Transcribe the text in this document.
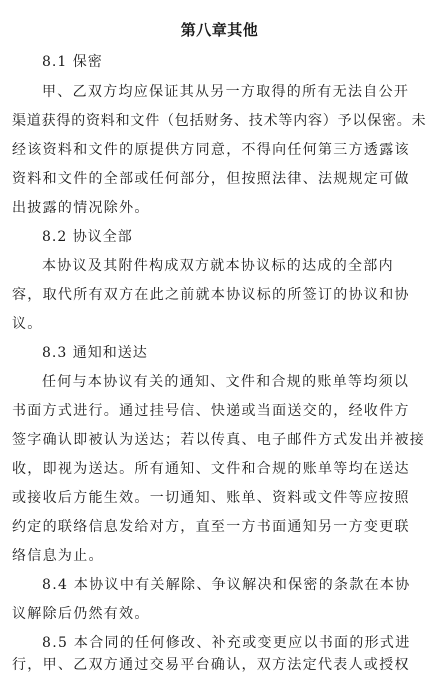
第八章其他
8.1 保密
甲、乙双方均应保证其从另一方取得的所有无法自公开
渠道获得的资料和文件（包括财务、技术等内容）予以保密。未
经该资料和文件的原提供方同意，不得向任何第三方透露该
资料和文件的全部或任何部分，但按照法律、法规规定可做
出披露的情况除外。
8.2 协议全部
本协议及其附件构成双方就本协议标的达成的全部内
容，取代所有双方在此之前就本协议标的所签订的协议和协
议。
8.3 通知和送达
任何与本协议有关的通知、文件和合规的账单等均须以
书面方式进行。通过挂号信、快递或当面送交的，经收件方
签字确认即被认为送达；若以传真、电子邮件方式发出并被接
收，即视为送达。所有通知、文件和合规的账单等均在送达
或接收后方能生效。一切通知、账单、资料或文件等应按照
约定的联络信息发给对方，直至一方书面通知另一方变更联
络信息为止。
8.4 本协议中有关解除、争议解决和保密的条款在本协
议解除后仍然有效。
8.5 本合同的任何修改、补充或变更应以书面的形式进
行，甲、乙双方通过交易平台确认，双方法定代表人或授权
